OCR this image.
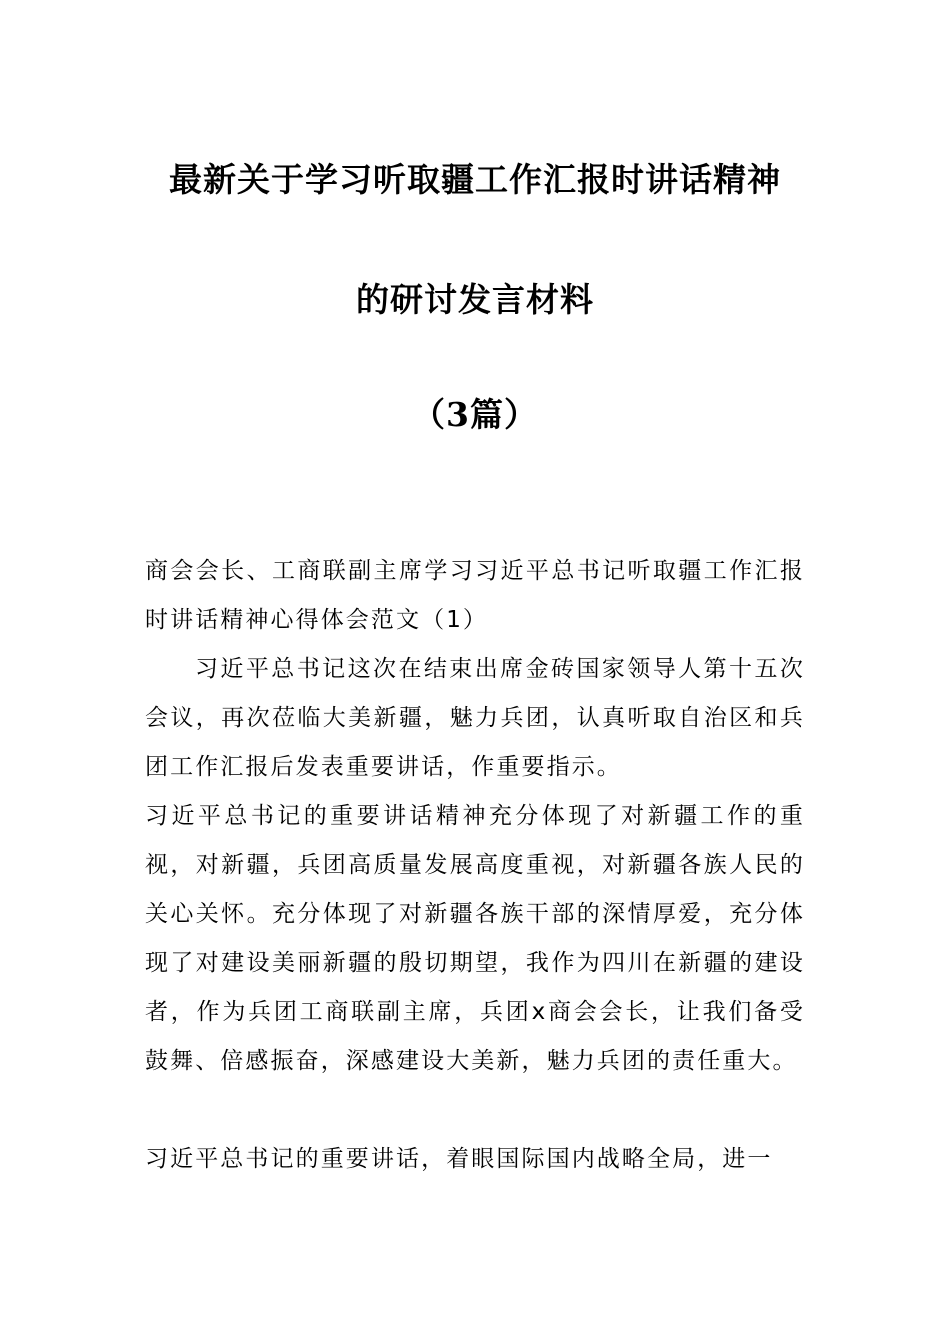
最新关于学习听取疆工作汇报时讲话精神
的研讨发言材料
（3篇）

商会会长、工商联副主席学习习近平总书记听取疆工作汇报时讲话精神心得体会范文（1）

习近平总书记这次在结束出席金砖国家领导人第十五次会议，再次莅临大美新疆，魅力兵团，认真听取自治区和兵团工作汇报后发表重要讲话，作重要指示。

习近平总书记的重要讲话精神充分体现了对新疆工作的重视，对新疆，兵团高质量发展高度重视，对新疆各族人民的关心关怀。充分体现了对新疆各族干部的深情厚爱，充分体现了对建设美丽新疆的殷切期望，我作为四川在新疆的建设者，作为兵团工商联副主席，兵团x商会会长，让我们备受鼓舞、倍感振奋，深感建设大美新，魅力兵团的责任重大。

习近平总书记的重要讲话，着眼国际国内战略全局，进一
